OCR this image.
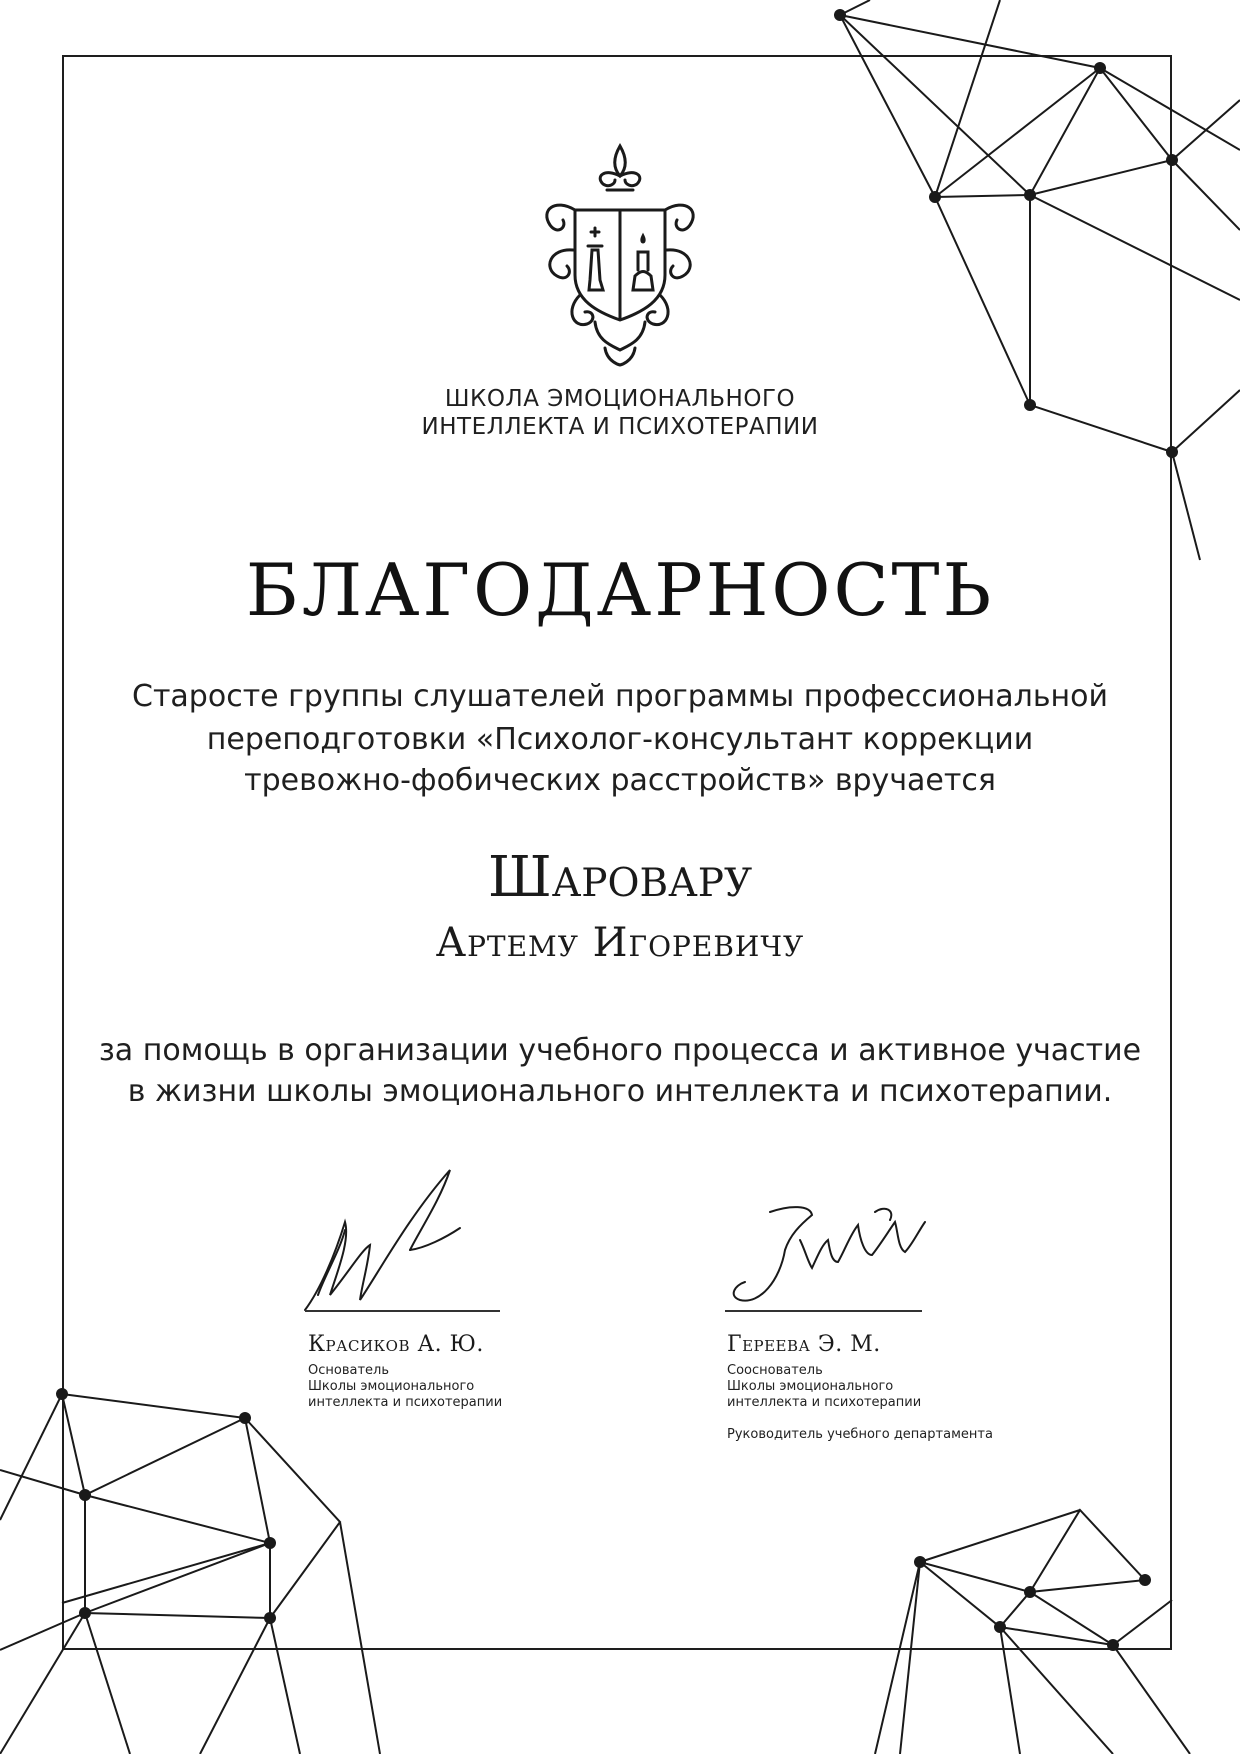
ШКОЛА ЭМОЦИОНАЛЬНОГО
ИНТЕЛЛЕКТА И ПСИХОТЕРАПИИ
БЛАГОДАРНОСТЬ
Старосте группы слушателей программы профессиональной
переподготовки «Психолог-консультант коррекции
тревожно-фобических расстройств» вручается
Шаровару
Артему Игоревичу
за помощь в организации учебного процесса и активное участие
в жизни школы эмоционального интеллекта и психотерапии.
Красиков А. Ю.
Основатель
Школы эмоционального
интеллекта и психотерапии
Гереева Э. М.
Сооснователь
Школы эмоционального
интеллекта и психотерапии
Руководитель учебного департамента
